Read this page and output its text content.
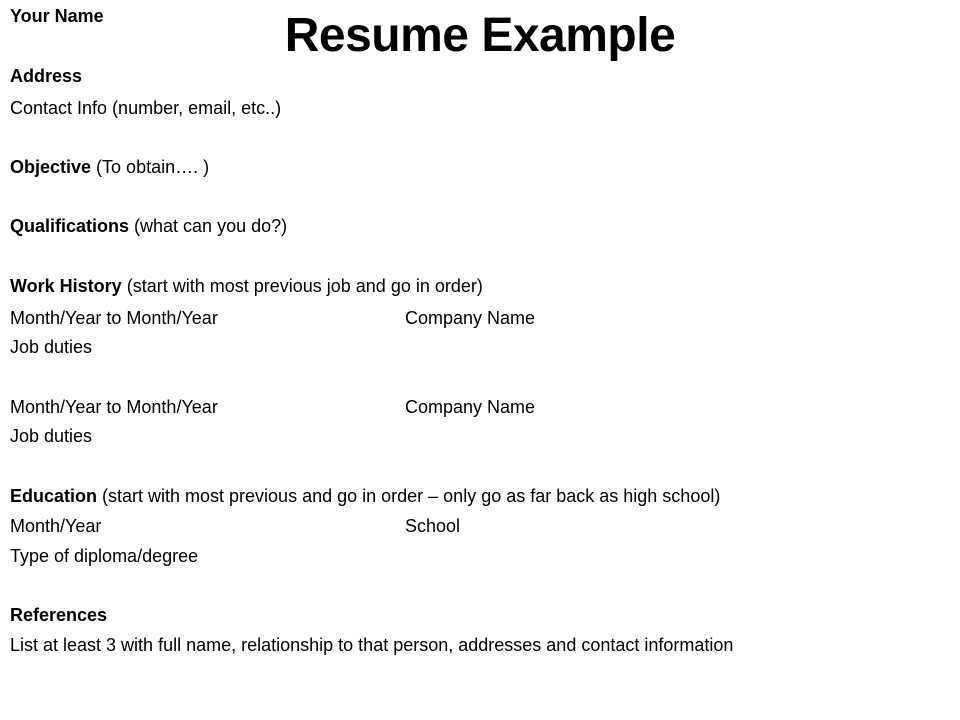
Resume Example
Your Name
Address
Contact Info (number, email, etc..)
Objective (To obtain…. )
Qualifications (what can you do?)
Work History (start with most previous job and go in order)
Month/Year to Month/Year	Company Name
Job duties
Month/Year to Month/Year	Company Name
Job duties
Education (start with most previous and go in order – only go as far back as high school)
Month/Year	School
Type of diploma/degree
References
List at least 3 with full name, relationship to that person, addresses and contact information
